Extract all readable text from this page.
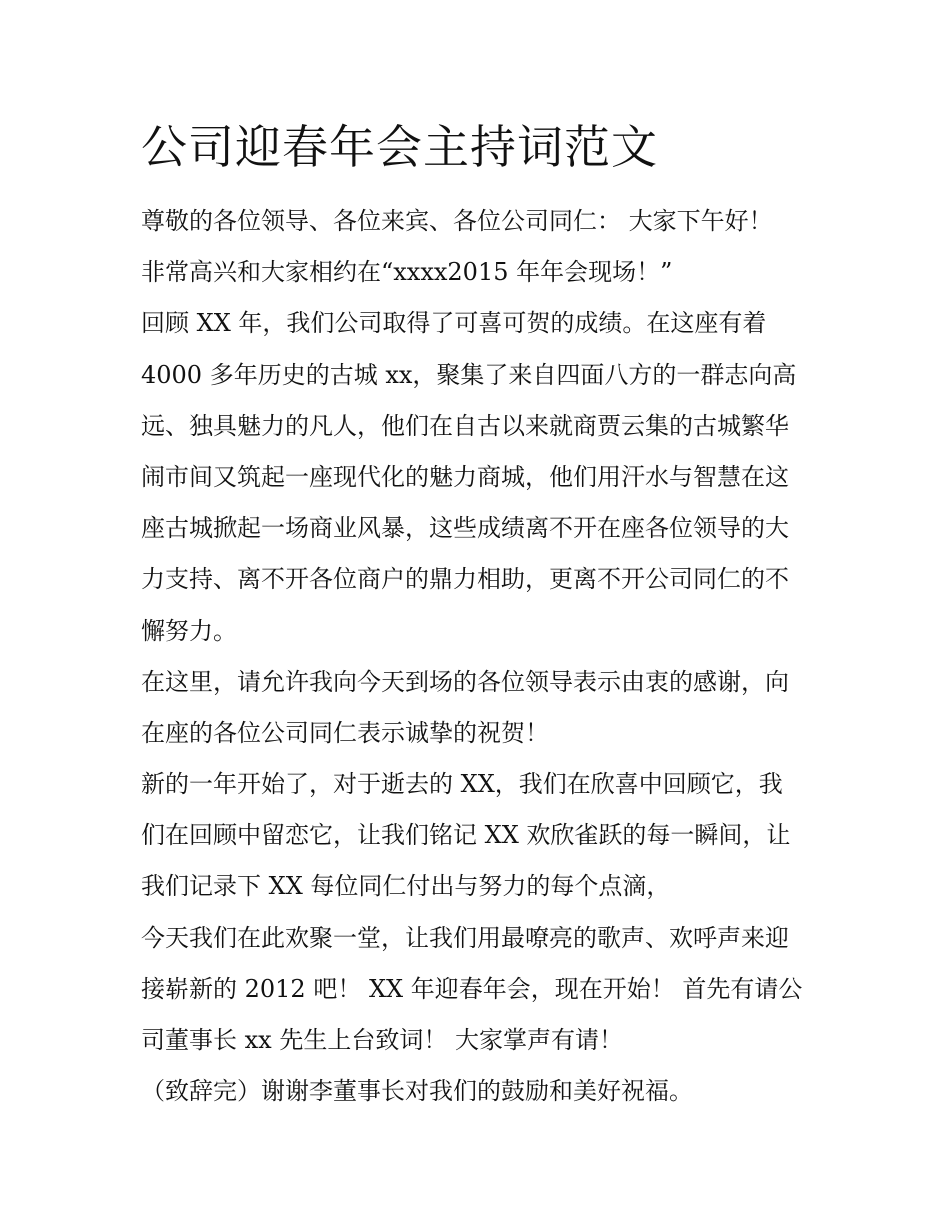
公司迎春年会主持词范文

尊敬的各位领导、各位来宾、各位公司同仁： 大家下午好！

非常高兴和大家相约在“xxxx2015 年年会现场！”

回顾 XX 年，我们公司取得了可喜可贺的成绩。在这座有着

4000 多年历史的古城 xx，聚集了来自四面八方的一群志向高

远、独具魅力的凡人，他们在自古以来就商贾云集的古城繁华

闹市间又筑起一座现代化的魅力商城，他们用汗水与智慧在这

座古城掀起一场商业风暴，这些成绩离不开在座各位领导的大

力支持、离不开各位商户的鼎力相助，更离不开公司同仁的不

懈努力。

在这里，请允许我向今天到场的各位领导表示由衷的感谢，向

在座的各位公司同仁表示诚挚的祝贺！

新的一年开始了，对于逝去的 XX，我们在欣喜中回顾它，我

们在回顾中留恋它，让我们铭记 XX 欢欣雀跃的每一瞬间，让

我们记录下 XX 每位同仁付出与努力的每个点滴，

今天我们在此欢聚一堂，让我们用最嘹亮的歌声、欢呼声来迎

接崭新的 2012 吧！ XX 年迎春年会，现在开始！ 首先有请公

司董事长 xx 先生上台致词！ 大家掌声有请！

（致辞完）谢谢李董事长对我们的鼓励和美好祝福。
